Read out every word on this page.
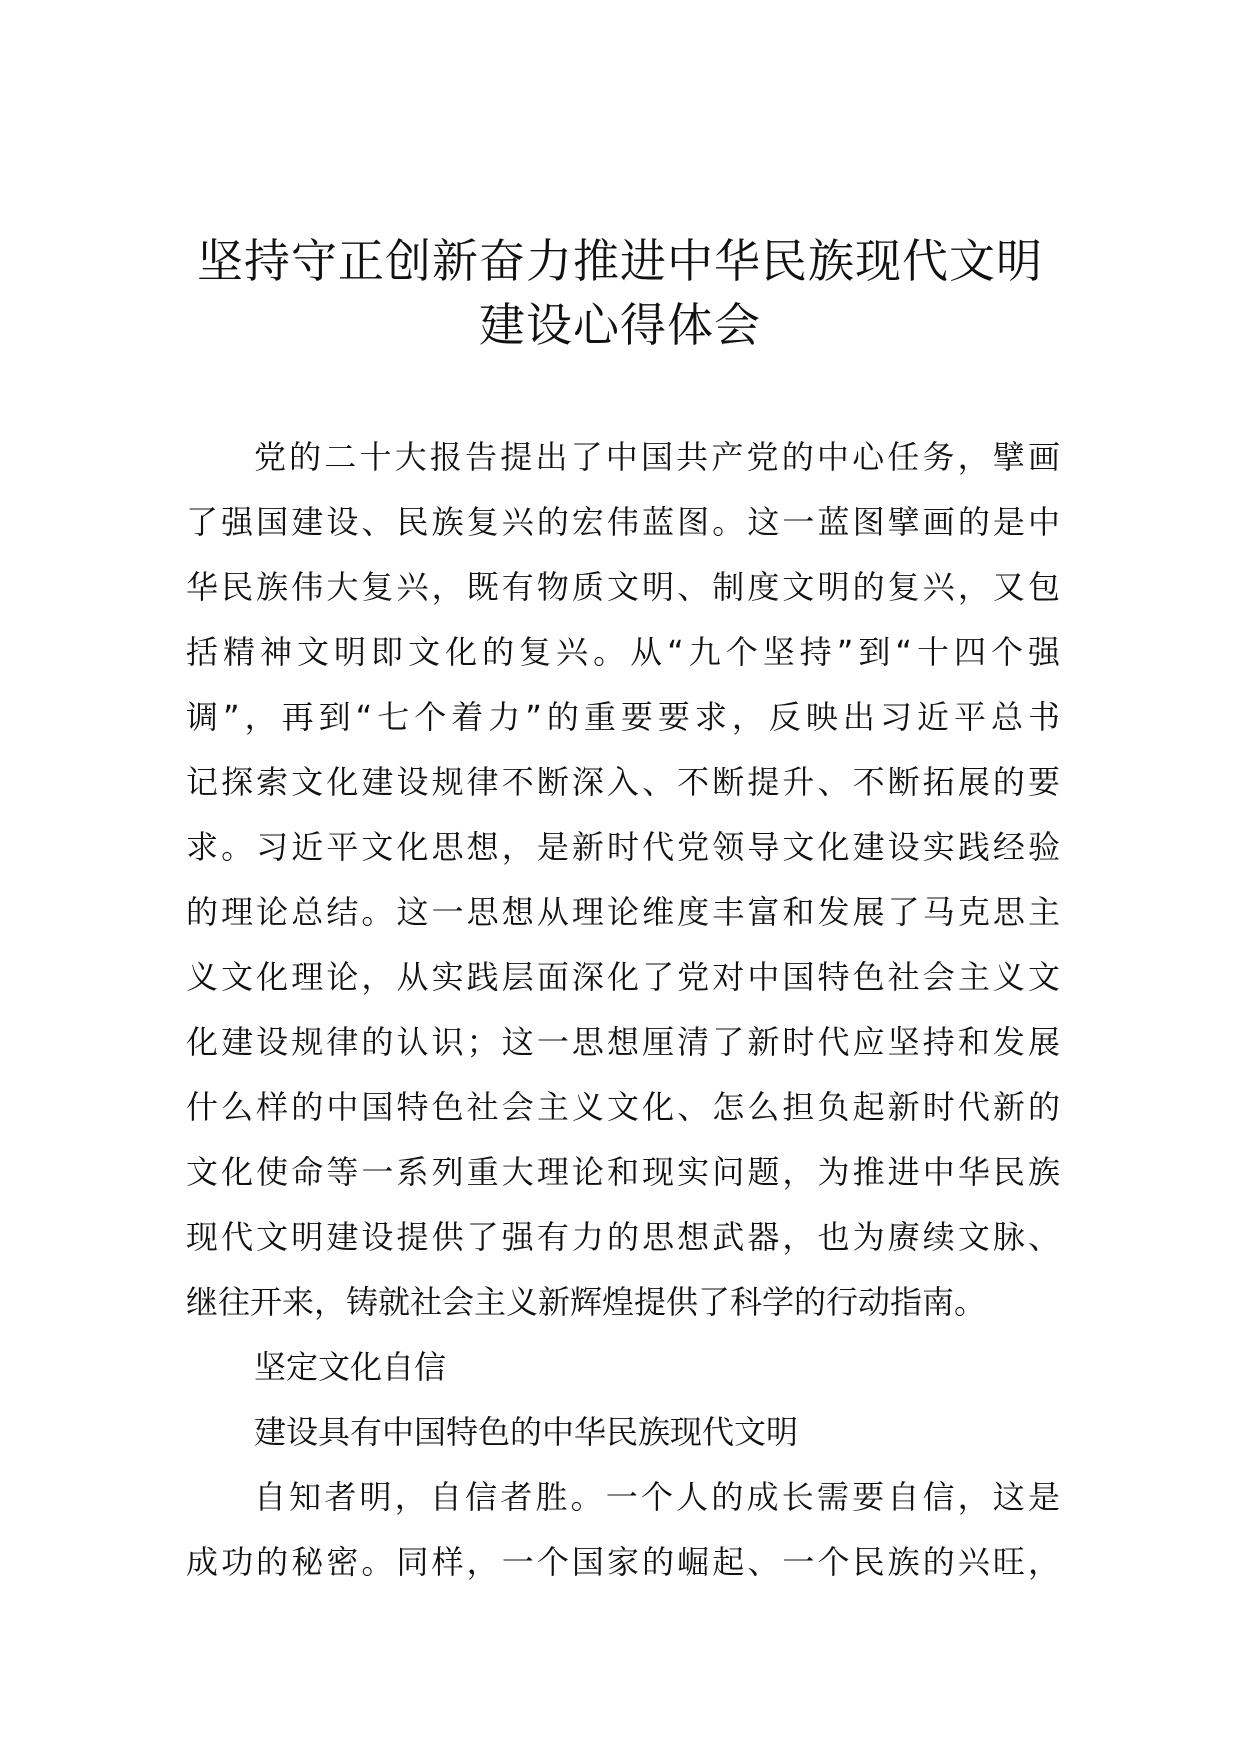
坚持守正创新奋力推进中华民族现代文明
建设心得体会
党的二十大报告提出了中国共产党的中心任务，擘画
了强国建设、民族复兴的宏伟蓝图。这一蓝图擘画的是中
华民族伟大复兴，既有物质文明、制度文明的复兴，又包
括精神文明即文化的复兴。从“九个坚持”到“十四个强
调”，再到“七个着力”的重要要求，反映出习近平总书
记探索文化建设规律不断深入、不断提升、不断拓展的要
求。习近平文化思想，是新时代党领导文化建设实践经验
的理论总结。这一思想从理论维度丰富和发展了马克思主
义文化理论，从实践层面深化了党对中国特色社会主义文
化建设规律的认识；这一思想厘清了新时代应坚持和发展
什么样的中国特色社会主义文化、怎么担负起新时代新的
文化使命等一系列重大理论和现实问题，为推进中华民族
现代文明建设提供了强有力的思想武器，也为赓续文脉、
继往开来，铸就社会主义新辉煌提供了科学的行动指南。
坚定文化自信
建设具有中国特色的中华民族现代文明
自知者明，自信者胜。一个人的成长需要自信，这是
成功的秘密。同样，一个国家的崛起、一个民族的兴旺，
